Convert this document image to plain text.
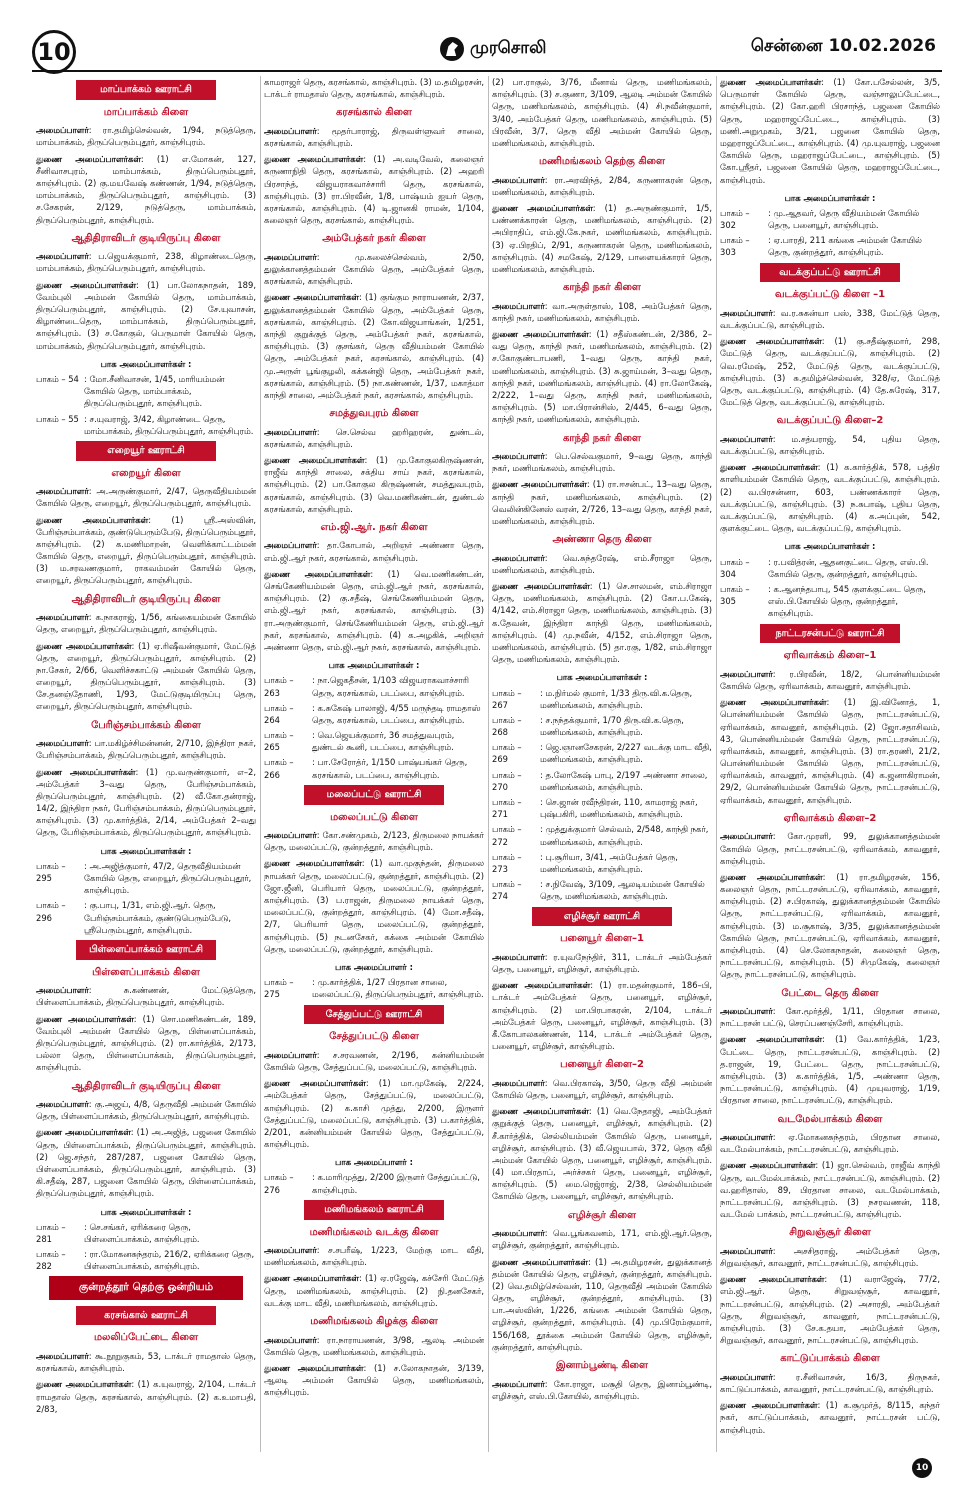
10	முரசொலி	சென்னை 10.02.2026
மாப்பாக்கம் ஊராட்சி
மாப்பாக்கம் கிளை

அமைப்பாளர்: ரா.தமிழ்செல்வன், 1/94, நடுத்தெரு, மாம்பாக்கம், திருப்பெரும்புதூர், காஞ்சிபுரம்.

துணை அமைப்பாளர்கள்: (1) எ.மோகன், 127, சீனிவாசபுரம், மாம்பாக்கம், திருப்பெரும்புதூர், காஞ்சிபுரம். (2) கு.மயவேஷ் கண்ணன், 1/94, நடுத்தெரு, மாம்பாக்கம், திருப்பெரும்புதூர், காஞ்சிபுரம். (3) ச.சேகரன், 2/129, நடுத்தெரு, மாம்பாக்கம், திருப்பெரும்புதூர், காஞ்சிபுரம்.

ஆதிதிராவிடர் குடியிருப்பு கிளை

அமைப்பாளர்: ப.ஜெயக்குமார், 238, கிழாண்டைதெரு, மாம்பாக்கம், திருப்பெரும்புதூர், காஞ்சிபுரம்.

துணை அமைப்பாளர்கள்: (1) பா.லோகநாதன், 189, வேம்புலி அம்மன் கோயில் தெரு, மாம்பாக்கம், திருப்பெரும்புதூர், காஞ்சிபுரம். (2) சே.யுவாசன், கிழாண்டைதெரு, மாம்பாக்கம், திருப்பெரும்புதூர், காஞ்சிபுரம். (3) ச.கோகுல், பெருமாள் கோயில் தெரு, மாம்பாக்கம், திருப்பெரும்புதூர், காஞ்சிபுரம்.

பாக அமைப்பாளர்கள் :
பாகம் – 54 : மோ.சீனிவாசன், 1/45, மாரியம்மன் கோயில் தெரு, மாம்பாக்கம், திருப்பெரும்புதூர், காஞ்சிபுரம்.
பாகம் – 55 : ச.யுவராஜ், 3/42, கிழாண்டை தெரு, மாம்பாக்கம், திருப்பெரும்புதூர், காஞ்சிபுரம்.
எறையூர் ஊராட்சி
எறையூர் கிளை

அமைப்பாளர்: அ.அருண்குமார், 2/47, தெருவீதியம்மன் கோயில் தெரு, எறையூர், திருப்பெரும்புதூர், காஞ்சிபுரம்.

துணை அமைப்பாளர்கள்: (1) ஸ்ரீ.அஸ்வின், பேரிஞ்சம்பாக்கம், குண்டுபெரும்பேடு, திருப்பெரும்புதூர், காஞ்சிபுரம். (2) க.மணிமாறன், வெளிக்காட்டம்மன் கோயில் தெரு, எறையூர், திருப்பெரும்புதூர், காஞ்சிபுரம். (3) ம.சரவணகுமார், ராகவம்மன் கோயில் தெரு, எறையூர், திருப்பெரும்புதூர், காஞ்சிபுரம்.

ஆதிதிராவிடர் குடியிருப்பு கிளை

அமைப்பாளர்: க.நாகராஜ், 1/56, கங்கையம்மன் கோயில் தெரு, எறையூர், திருப்பெரும்புதூர், காஞ்சிபுரம்.

துணை அமைப்பாளர்கள்: (1) ஏ.ரிஷீவன்குமார், மேட்டுத் தெரு, எறையூர், திருப்பெரும்புதூர், காஞ்சிபுரம். (2) நா.சேகர், 2/66, வெளிச்சகாட்டு அம்மன் கோயில் தெரு, எறையூர், திருப்பெரும்புதூர், காஞ்சிபுரம். (3) சே.தனஞ்தோணி, 1/93, மேட்டுகுடியிருப்பு தெரு, எறையூர், திருப்பெரும்புதூர், காஞ்சிபுரம்.

பேரிஞ்சம்பாக்கம் கிளை

அமைப்பாளர்: பா.மகிழ்ச்சிமன்னன், 2/710, இந்திரா நகர், பேரிஞ்சம்பாக்கம், திருப்பெரும்புதூர், காஞ்சிபுரம்.

துணை அமைப்பாளர்கள்: (1) மு.வருண்குமார், எ–2, அம்பேத்கர் 3–வது தெரு, பேரிஞ்சம்பாக்கம், திருப்பெரும்புதூர், காஞ்சிபுரம். (2) வீ.கோ.தன்ராஜ், 14/2, இந்திரா நகர், பேரிஞ்சம்பாக்கம், திருப்பெரும்புதூர், காஞ்சிபுரம். (3) மு.கார்த்திக், 2/14, அம்பேத்கர் 2–வது தெரு, பேரிஞ்சம்பாக்கம், திருப்பெரும்புதூர், காஞ்சிபுரம்.

பாக அமைப்பாளர்கள் :
பாகம் – 295
: அ.அஜித்குமார், 47/2, தெருவீதியம்மன் கோயில் தெரு, எறையூர், திருப்பெரும்புதூர், காஞ்சிபுரம்.
பாகம் – 296
: கு.பாபு, 1/31, எம்.ஜி.ஆர். தெரு, பேரிஞ்சம்பாக்கம், குண்டுபெரும்பேடு, ஸ்ரீபெரும்புதூர், காஞ்சிபுரம்.
பிள்ளைப்பாக்கம் ஊராட்சி
பிள்ளைப்பாக்கம் கிளை

அமைப்பாளர்: சு.கண்ணன், மேட்டுத்தெரு, பிள்ளைப்பாக்கம், திருப்பெரும்புதூர், காஞ்சிபுரம்.

துணை அமைப்பாளர்கள்: (1) சொ.மணிகண்டன், 189, வேம்புலி அம்மன் கோயில் தெரு, பிள்ளைப்பாக்கம், திருப்பெரும்புதூர், காஞ்சிபுரம். (2) ரா.கார்த்திக், 2/173, பல்லா தெரு, பிள்ளைப்பாக்கம், திருப்பெரும்புதூர், காஞ்சிபுரம்.

ஆதிதிராவிடர் குடியிருப்பு கிளை

அமைப்பாளர்: கு.அஜய், 4/8, தெருவீதி அம்மன் கோயில் தெரு, பிள்ளைப்பாக்கம், திருப்பெரும்புதூர், காஞ்சிபுரம்.

துணை அமைப்பாளர்கள்: (1) அ.அஜித், பஜனை கோயில் தெரு, பிள்ளைப்பாக்கம், திருப்பெரும்புதூர், காஞ்சிபுரம். (2) ஜெ.சந்தர், 287/287, பஜனை கோயில் தெரு, பிள்ளைப்பாக்கம், திருப்பெரும்புதூர், காஞ்சிபுரம். (3) கி.சதீஷ், 287, பஜனை கோயில் தெரு, பிள்ளைப்பாக்கம், திருப்பெரும்புதூர், காஞ்சிபுரம்.

பாக அமைப்பாளர்கள் :
பாகம் – 281
: செ.சங்கர், ஏரிக்கரை தெரு, பிள்ளைப்பாக்கம், காஞ்சிபுரம்.
பாகம் – 282
: ரா.மோகனசுந்தரம், 216/2, ஏரிக்கரை தெரு, பிள்ளைப்பாக்கம், காஞ்சிபுரம்.
குன்றத்தூர் தெற்கு ஒன்றியம்
கரசங்கால் ஊராட்சி
மலலிப்பேட்டை கிளை

அமைப்பாளர்: கூ.நூறுகுகம், 53, டாக்டர் ராமதாஸ் தெரு, கரசங்கால், காஞ்சிபுரம்.

துணை அமைப்பாளர்கள்: (1) க.யுவராஜ், 2/104, டாக்டர் ராமதாஸ் தெரு, கரசங்கால், காஞ்சிபுரம். (2) க.உமாபதி, 2/83,

காமராஜர் தெரு, கரசங்கால், காஞ்சிபுரம். (3) ம.தமிழரசன், டாக்டர் ராமதாஸ் தெரு, கரசங்கால், காஞ்சிபுரம்.

கரசங்கால் கிளை

அமைப்பாளர்: மூதர்பாராஜ், திருவள்ளுவர் சாலை, கரசங்கால், காஞ்சிபுரம்.

துணை அமைப்பாளர்கள்: (1) அ.வடிவேல், கலைஞர் கருணாநிதி தெரு, கரசங்கால், காஞ்சிபுரம். (2) அஹரி பிரசாந்த், விஜயராகவாச்சாரி தெரு, கரசங்கால், காஞ்சிபுரம். (3) ரா.பிரவீன், 1/8, பாஷ்யம் ஐயர் தெரு, கரசங்கால், காஞ்சிபுரம். (4) டி.ஜானகி ராமன், 1/104, கலைஞர் தெரு, கரசங்கால், காஞ்சிபுரம்.

அம்பேத்கர் நகர் கிளை

அமைப்பாளர்: மு.கலைச்செல்வம், 2/50, துலுக்கானத்தம்மன் கோயில் தெரு, அம்பேத்கர் தெரு, கரசங்கால், காஞ்சிபுரம்.

துணை அமைப்பாளர்கள்: (1) குங்கும நாராயணன், 2/37, துலுக்கானத்தம்மன் கோயில் தெரு, அம்பேத்கர் தெரு, கரசங்கால், காஞ்சிபுரம். (2) கோ.விஜயாங்கன், 1/251, காந்தி குறுக்குத் தெரு, அம்பேத்கர் நகர், கரசங்கால், காஞ்சிபுரம். (3) குசங்கர், தெரு வீதியம்மன் கோயில் தெரு, அம்பேத்கர் நகர், கரசங்கால், காஞ்சிபுரம். (4) மு.அருள் பூங்குழலி, கக்கன்ஜி தெரு, அம்பேத்கர் நகர், கரசங்கால், காஞ்சிபுரம். (5) நா.கண்ணன், 1/37, மகாத்மா காந்தி சாலை, அம்பேத்கர் நகர், கரசங்கால், காஞ்சிபுரம்.

சமத்துவபுரம் கிளை

அமைப்பாளர்: செ.செல்வ ஹரிஹரன், துண்டல், கரசங்கால், காஞ்சிபுரம்.

துணை அமைப்பாளர்கள்: (1) மு.கோகுலகிருஷ்ணன், ராஜீவ் காந்தி சாலை, சக்திய சாய் நகர், கரசங்கால், காஞ்சிபுரம். (2) பா.கோகுல கிருஷ்ணன், சமத்துவபுரம், கரசங்கால், காஞ்சிபுரம். (3) வெ.மணிகண்டன், துண்டல் கரசங்கால், காஞ்சிபுரம்.

எம்.ஜி.ஆர். நகர் கிளை

அமைப்பாளர்: தா.கோபால், அறிஞர் அண்ணா தெரு, எம்.ஜி.ஆர் நகர், கரசங்கால், காஞ்சிபுரம்.

துணை அமைப்பாளர்கள்: (1) வெ.மணிகண்டன், செங்கேணியம்மன் தெரு, எம்.ஜி.ஆர் நகர், கரசங்கால், காஞ்சிபுரம். (2) கு.சதீஷ், செங்கேணியம்மன் தெரு, எம்.ஜி.ஆர் நகர், கரசங்கால், காஞ்சிபுரம். (3) ரா.அருண்குமார், செங்கேணியம்மன் தெரு, எம்.ஜி.ஆர் நகர், கரசங்கால், காஞ்சிபுரம். (4) க.அழகிக், அறிஞர் அண்ணா தெரு, எம்.ஜி.ஆர் நகர், கரசங்கால், காஞ்சிபுரம்.

பாக அமைப்பாளர்கள் :
பாகம் – 263
: நா.ஜெகதீசன், 1/103 விஜயராகவாச்சாரி தெரு, கரசங்கால், படப்பை, காஞ்சிபுரம்.
பாகம் – 264
: க.சுகேஷ் பாலாஜி, 4/55 மருந்தடி ராமதாஸ் தெரு, கரசங்கால், படப்பை, காஞ்சிபுரம்.
பாகம் – 265
: வெ.ஜெயக்குமார், 36 சமத்துவபுரம், துண்டல் கூனி, படப்பை, காஞ்சிபுரம்.
பாகம் – 266
: பா.சேரோத்ர், 1/150 பாஷ்யங்கர் தெரு, கரசங்கால், படப்பை, காஞ்சிபுரம்.
மலைப்பட்டு ஊராட்சி
மலைப்பட்டு கிளை

அமைப்பாளர்: கோ.சண்முகம், 2/123, திருமலை நாயக்கர் தெரு, மலைப்பட்டு, குன்றத்தூர், காஞ்சிபுரம்.

துணை அமைப்பாளர்கள்: (1) வா.முகுந்தன், திருமலை நாயக்கர் தெரு, மலைப்பட்டு, குன்றத்தூர், காஞ்சிபுரம். (2) ஜோ.ஜீனி, பெரியார் தெரு, மலைப்பட்டு, குன்றத்தூர், காஞ்சிபுரம். (3) ப.ராஜன், திருமலை நாயக்கர் தெரு, மலைப்பட்டு, குன்றத்தூர், காஞ்சிபுரம். (4) மோ.சதீஷ், 2/7, பெரியார் தெரு, மலைப்பட்டு, குன்றத்தூர், காஞ்சிபுரம். (5) நடனசேகர், கக்கை அம்மன் கோயில் தெரு, மலைப்பட்டு, குன்றத்தூர், காஞ்சிபுரம்.

பாக அமைப்பாளர் :
பாகம் – 275
: மு.கார்த்திக், 1/27 பிரதான சாலை, மலைப்பட்டு, திருப்பெரும்புதூர், காஞ்சிபுரம்.
சேத்துப்பட்டு ஊராட்சி
சேத்துப்பட்டு கிளை

அமைப்பாளர்: ச.சரவணன், 2/196, கன்னியம்மன் கோயில் தெரு, சேத்துப்பட்டு, மலைப்பட்டு, காஞ்சிபுரம்.

துணை அமைப்பாளர்கள்: (1) மா.முகேஷ், 2/224, அம்பேத்கர் தெரு, சேத்துப்பட்டு, மலைப்பட்டு, காஞ்சிபுரம். (2) க.காசி முத்து, 2/200, இருளர் சேத்துப்பட்டு, மலைப்பட்டு, காஞ்சிபுரம். (3) ப.கார்த்திக், 2/201, கன்னியம்மன் கோயில் தெரு, சேத்துப்பட்டு, காஞ்சிபுரம்.

பாக அமைப்பாளர் :
பாகம் – 276
: க.மாரிமுத்து, 2/200 இருளர் சேத்துப்பட்டு, காஞ்சிபுரம்.
மணிமங்கலம் ஊராட்சி
மணிமங்கலம் வடக்கு கிளை

அமைப்பாளர்: ச.சபரீஷ், 1/223, மேற்கு மாட வீதி, மணிமங்கலம், காஞ்சிபுரம்.

துணை அமைப்பாளர்கள்: (1) ஏ.ரஜேஷ், கச்சேரி மேட்டுத் தெரு, மணிமங்கலம், காஞ்சிபுரம். (2) நி.தனசேகர், வடக்கு மாட வீதி, மணிமங்கலம், காஞ்சிபுரம்.

மணிமங்கலம் கிழக்கு கிளை

அமைப்பாளர்: ரா.நாராயணன், 3/98, ஆலடி அம்மன் கோயில் தெரு, மணிமங்கலம், காஞ்சிபுரம்.

துணை அமைப்பாளர்கள்: (1) ச.லோகநாதன், 3/139, ஆலடி அம்மன் கோயில் தெரு, மணிமங்கலம், காஞ்சிபுரம்.

(2) பா.ராகுல், 3/76, மீனாவ் தெரு, மணிமங்கலம், காஞ்சிபுரம். (3) ச.குணா, 3/109, ஆலடி அம்மன் கோயில் தெரு, மணிமங்கலம், காஞ்சிபுரம். (4) சி.நவீன்குமார், 3/40, அம்பேத்கர் தெரு, மணிமங்கலம், காஞ்சிபுரம். (5) பிரவீன், 3/7, தெரு வீதி அம்மன் கோயில் தெரு, மணிமங்கலம், காஞ்சிபுரம்.

மணிமங்கலம் தெற்கு கிளை

அமைப்பாளர்: ரா.அரவிந்த், 2/84, கருணாகரன் தெரு, மணிமங்கலம், காஞ்சிபுரம்.

துணை அமைப்பாளர்கள்: (1) த.அருண்குமார், 1/5, பண்ணக்காரன் தெரு, மணிமங்கலம், காஞ்சிபுரம். (2) அபிராதிப், எம்.ஜி.கே.நகர், மணிமங்கலம், காஞ்சிபுரம். (3) ஏ.பிரதிப், 2/91, கருணாகரன் தெரு, மணிமங்கலம், காஞ்சிபுரம். (4) சமகேஷ், 2/129, பாளையக்காரர் தெரு, மணிமங்கலம், காஞ்சிபுரம்.

காந்தி நகர் கிளை

அமைப்பாளர்: வா.அருள்தாஸ், 108, அம்பேத்கர் தெரு, காந்தி நகர், மணிமங்கலம், காஞ்சிபுரம்.

துணை அமைப்பாளர்கள்: (1) சதீஸ்கண்டன், 2/386, 2–வது தெரு, காந்தி நகர், மணிமங்கலம், காஞ்சிபுரம். (2) ச.கோகுண்டாபணி, 1–வது தெரு, காந்தி நகர், மணிமங்கலம், காஞ்சிபுரம். (3) சு.ஜாய்மன், 3–வது தெரு, காந்தி நகர், மணிமங்கலம், காஞ்சிபுரம். (4) ரா.லோகேஷ், 2/222, 1–வது தெரு, காந்தி நகர், மணிமங்கலம், காஞ்சிபுரம். (5) மா.பிரான்சிஸ், 2/445, 6–வது தெரு, காந்தி நகர், மணிமங்கலம், காஞ்சிபுரம்.

காந்தி நகர் கிளை

அமைப்பாளர்: பெ.செல்வகுமார், 9–வது தெரு, காந்தி நகர், மணிமங்கலம், காஞ்சிபுரம்.

துணை அமைப்பாளர்கள்: (1) ரா.ஈசன்பட், 13–வது தெரு, காந்தி நகர், மணிமங்கலம், காஞ்சிபுரம். (2) வெலின்கினேஸ் வரன், 2/726, 13–வது தெரு, காந்தி நகர், மணிமங்கலம், காஞ்சிபுரம்.

அண்ணா தெரு கிளை

அமைப்பாளர்: வெ.சுந்தரேஷ், எம்.சீராஜா தெரு, மணிமங்கலம், காஞ்சிபுரம்.

துணை அமைப்பாளர்கள்: (1) செ.சாலமன், எம்.சிராஜா தெரு, மணிமங்கலம், காஞ்சிபுரம். (2) கோ.ப.கேஷ், 4/142, எம்.சிராஜா தெரு, மணிமங்கலம், காஞ்சிபுரம். (3) க.தேவன், இந்திரா காந்தி தெரு, மணிமங்கலம், காஞ்சிபுரம். (4) மு.நவீன், 4/152, எம்.சிராஜா தெரு, மணிமங்கலம், காஞ்சிபுரம். (5) தா.ரகு, 1/82, எம்.சிராஜா தெரு, மணிமங்கலம், காஞ்சிபுரம்.

பாக அமைப்பாளர்கள் :
பாகம் – 267
: ம.நிர்மல் குமார், 1/33 திரு.வி.க.தெரு, மணிமங்கலம், காஞ்சிபுரம்.
பாகம் – 268
: ச.நந்தக்குமார், 1/70 திரு.வி.க.தெரு, மணிமங்கலம், காஞ்சிபுரம்.
பாகம் – 269
: ஜெ.ஞானசேகரன், 2/227 வடக்கு மாட வீதி, மணிமங்கலம், காஞ்சிபுரம்.
பாகம் – 270
: த.லோகேஷ் பாபு, 2/197 அண்ணா சாலை, மணிமங்கலம், காஞ்சிபுரம்.
பாகம் – 271
: செ.ஜான் ரவீந்திரன், 110, காமராஜ் நகர், புஷ்பகிரி, மணிமங்கலம், காஞ்சிபுரம்.
பாகம் – 272
: முத்துக்குமார் செல்வம், 2/548, காந்தி நகர், மணிமங்கலம், காஞ்சிபுரம்.
பாகம் – 273
: பு.சூரியா, 3/41, அம்பேத்கர் தெரு, மணிமங்கலம், காஞ்சிபுரம்.
பாகம் – 274
: ச.நிவேஷ், 3/109, ஆலடியம்மன் கோயில் தெரு, மணிமங்கலம், காஞ்சிபுரம்.
எழிச்சூர் ஊராட்சி
பனையூர் கிளை–1

அமைப்பாளர்: ர.யுவநேந்திர், 311, டாக்டர் அம்பேத்கர் தெரு, பனையூர், எழிச்சூர், காஞ்சிபுரம்.

துணை அமைப்பாளர்கள்: (1) ரா.மதன்குமார், 186–பி, டாக்டர் அம்பேத்கர் தெரு, பனையூர், எழிச்சூர், காஞ்சிபுரம். (2) மா.பிரபாகரன், 2/104, டாக்டர் அம்பேத்கர் தெரு, பனையூர், எழிச்சூர், காஞ்சிபுரம். (3) கீ.கோபாலகண்ணன், 114, டாக்டர் அம்பேத்கர் தெரு, பனையூர், எழிச்சூர், காஞ்சிபுரம்.

பனையூர் கிளை–2

அமைப்பாளர்: வெ.பிரகாஷ், 3/50, தெரு வீதி அம்மன் கோயில் தெரு, பனையூர், எழிச்சூர், காஞ்சிபுரம்.

துணை அமைப்பாளர்கள்: (1) வெ.நேதாஜி, அம்பேத்கர் குறுக்குத் தெரு, பனையூர், எழிச்சூர், காஞ்சிபுரம். (2) சீ.கார்த்திக், செல்லியம்மன் கோயில் தெரு, பனையூர், எழிச்சூர், காஞ்சிபுரம். (3) வீ.ஜெயபால், 372, தெரு வீதி அம்மன் கோயில் தெரு, பனையூர், எழிச்சூர், காஞ்சிபுரம். (4) மா.பிரதாப், அர்ச்சகர் தெரு, பனையூர், எழிச்சூர், காஞ்சிபுரம். (5) மை.ரெஜ்ராஜ், 2/38, செல்லியம்மன் கோயில் தெரு, பனையூர், எழிச்சூர், காஞ்சிபுரம்.

எழிச்சூர் கிளை

அமைப்பாளர்: வெ.பூங்கவனம், 171, எம்.ஜி.ஆர்.தெரு, எழிச்சூர், குன்றத்தூர், காஞ்சிபுரம்.

துணை அமைப்பாளர்கள்: (1) அ.தமிழரசன், துலுக்கானத் தம்மன் கோயில் தெரு, எழிச்சூர், குன்றத்தூர், காஞ்சிபுரம். (2) வெ.தமிழ்செல்வன், 110, தெருவீதி அம்மன் கோயில் தெரு, எழிச்சூர், குன்றத்தூர், காஞ்சிபுரம். (3) பா.அஸ்வின், 1/226, கங்கை அம்மன் கோயில் தெரு, எழிச்சூர், குன்றத்தூர், காஞ்சிபுரம். (4) மு.பிரேம்குமார், 156/168, தூக்கை அம்மன் கோயில் தெரு, எழிச்சூர், குன்றத்தூர், காஞ்சிபுரம்.

இனாம்பூண்டி கிளை

அமைப்பாளர்: கோ.ராஜா, மசூதி தெரு, இனாம்பூண்டி, எழிச்சூர், எஸ்.பி.கோயில், காஞ்சிபுரம்.

துணை அமைப்பாளர்கள்: (1) கோ.பசேல்லன், 3/5, பெருமாள் கோயில் தெரு, வஞ்சாலுப்பேட்டை, காஞ்சிபுரம். (2) கோ.ஹரி பிரசாந்த், பஜனை கோயில் தெரு, மஹராஜப்பேட்டை, காஞ்சிபுரம். (3) மணி.அறுமுகம், 3/21, பஜனை கோயில் தெரு, மஹராஜப்பேட்டை, காஞ்சிபுரம். (4) மு.யுவராஜ், பஜனை கோயில் தெரு, மஹராஜப்பேட்டை, காஞ்சிபுரம். (5) கோ.ஸ்ரீதர், பஜனை கோயில் தெரு, மஹராஜப்பேட்டை, காஞ்சிபுரம்.

பாக அமைப்பாளர்கள் :
பாகம் – 302
: மு.ஆதவர், தெரு வீதியம்மன் கோயில் தெரு, பனையூர், காஞ்சிபுரம்.
பாகம் – 303
: ஏ.பாரதி, 211 கங்கை அம்மன் கோயில் தெரு, குன்றத்தூர், காஞ்சிபுரம்.
வடக்குப்பட்டு ஊராட்சி
வடக்குப்பட்டு கிளை –1

அமைப்பாளர்: வ.ர.சுகன்யா பஸ், 338, மேட்டுத் தெரு, வடக்குப்பட்டு, காஞ்சிபுரம்.

துணை அமைப்பாளர்கள்: (1) கு.சதீஷ்குமார், 298, மேட்டுத் தெரு, வடக்குப்பட்டு, காஞ்சிபுரம். (2) வெ.ரமேஷ், 252, மேட்டுத் தெரு, வடக்குப்பட்டு, காஞ்சிபுரம். (3) சு.தமிழ்ச்செல்வன், 328/ஏ, மேட்டுத் தெரு, வடக்குப்பட்டு, காஞ்சிபுரம். (4) தே.சுரேஷ், 317, மேட்டுத் தெரு, வடக்குப்பட்டு, காஞ்சிபுரம்.

வடக்குப்பட்டு கிளை–2

அமைப்பாளர்: ம.சத்யராஜ், 54, புதிய தெரு, வடக்குப்பட்டு, காஞ்சிபுரம்.

துணை அமைப்பாளர்கள்: (1) க.கார்த்திக், 578, பத்திர காளியம்மன் கோயில் தெரு, வடக்குப்பட்டு, காஞ்சிபுரம். (2) வ.பிரசன்னா, 603, பண்ணக்காரர் தெரு, வடக்குப்பட்டு, காஞ்சிபுரம். (3) ந.சுபாஷ், புதிய தெரு, வடக்குப்பட்டு, காஞ்சிபுரம். (4) க.அப்புன், 542, குளக்குட்டை தெரு, வடக்குப்பட்டு, காஞ்சிபுரம்.

பாக அமைப்பாளர்கள் :
பாகம் – 304
: ர.பவித்ரன், ஆதனகுட்டை தெரு, எஸ்.பி. கோயில் தெரு, குன்றத்தூர், காஞ்சிபுரம்.
பாகம் – 305
: க.ஆனந்தபாபு, 545 குளக்குட்டை தெரு, எஸ்.பி.கோயில் தெரு, குன்றத்தூர், காஞ்சிபுரம்.
நாட்டரசன்பட்டு ஊராட்சி
ஏரிவாக்கம் கிளை–1

அமைப்பாளர்: ர.பிரவீன், 18/2, பொன்னியம்மன் கோயில் தெரு, ஏரிவாக்கம், காவனூர், காஞ்சிபுரம்.

துணை அமைப்பாளர்கள்: (1) இ.வினோத், 1, பொன்னியம்மன் கோயில் தெரு, நாட்டரசன்பட்டு, ஏரிவாக்கம், காவனூர், காஞ்சிபுரம். (2) ஜோ.சதாசிவம், 43, பொன்னியம்மன் கோயில் தெரு, நாட்டரசன்பட்டு, ஏரிவாக்கம், காவனூர், காஞ்சிபுரம். (3) ரா.தரணி, 21/2, பொன்னியம்மன் கோயில் தெரு, நாட்டரசன்பட்டு, ஏரிவாக்கம், காவனூர், காஞ்சிபுரம். (4) க.ஜனாகிராமன், 29/2, பொன்னியம்மன் கோயில் தெரு, நாட்டரசன்பட்டு, ஏரிவாக்கம், காவனூர், காஞ்சிபுரம்.

ஏரிவாக்கம் கிளை–2

அமைப்பாளர்: கோ.முரளி, 99, துலுக்கானத்தம்மன் கோயில் தெரு, நாட்டரசன்பட்டு, ஏரிவாக்கம், காவனூர், காஞ்சிபுரம்.

துணை அமைப்பாளர்கள்: (1) ரா.தமிழரசன், 156, கலைஞர் தெரு, நாட்டரசன்பட்டு, ஏரிவாக்கம், காவனூர், காஞ்சிபுரம். (2) ச.பிரகாஷ், துலுக்கானத்தம்மன் கோயில் தெரு, நாட்டரசன்பட்டு, ஏரிவாக்கம், காவனூர், காஞ்சிபுரம். (3) ம.சூகாஷ், 3/35, துலுக்கானத்தம்மன் கோயில் தெரு, நாட்டரசன்பட்டு, ஏரிவாக்கம், காவனூர், காஞ்சிபுரம். (4) செ.லோகநாதன், கலைஞர் தெரு, நாட்டரசன்பட்டு, காஞ்சிபுரம். (5) சிமுகேஷ், கலைஞர் தெரு, நாட்டரசன்பட்டு, காஞ்சிபுரம்.

பேட்டை தெரு கிளை

அமைப்பாளர்: கோ.மூர்த்தி, 1/11, பிரதான சாலை, நாட்டரசன் பட்டு, செரப்பணஞ்சேரி, காஞ்சிபுரம்.

துணை அமைப்பாளர்கள்: (1) வே.கார்த்திக், 1/23, பேட்டை தெரு, நாட்டரசன்பட்டு, காஞ்சிபுரம். (2) த.ராஜன், 19, பேட்டை தெரு, நாட்டரசன்பட்டு, காஞ்சிபுரம். (3) க.கார்த்திக், 1/5, அண்ணா தெரு, நாட்டரசன்பட்டு, காஞ்சிபுரம். (4) முயுவராஜ், 1/19, பிரதான சாலை, நாட்டரசன்பட்டு, காஞ்சிபுரம்.

வடமேல்பாக்கம் கிளை

அமைப்பாளர்: ஏ.மோகனசுந்தரம், பிரதான சாலை, வடமேல்பாக்கம், நாட்டரசன்பட்டு, காஞ்சிபுரம்.

துணை அமைப்பாளர்கள்: (1) ஜா.செல்வம், ராஜீவ் காந்தி தெரு, வடமேல்பாக்கம், நாட்டரசன்பட்டு, காஞ்சிபுரம். (2) வ.ஹரிதாஸ், 89, பிரதான சாலை, வடமேல்பாக்கம், நாட்டரசன்பட்டு, காஞ்சிபுரம். (3) நசரவணன், 118, வடமேல் பாக்கம், நாட்டரசன்பட்டு, காஞ்சிபுரம்.

சிறுவஞ்சூர் கிளை

அமைப்பாளர்: அசசிதராஜ், அம்பேத்கர் தெரு, சிறுவஞ்சூர், காவனூர், நாட்டரசன்பட்டு, காஞ்சிபுரம்.

துணை அமைப்பாளர்கள்: (1) வராஜேஷ், 77/2, எம்.ஜி.ஆர். தெரு, சிறுவஞ்சூர், காவனூர், நாட்டரசன்பட்டு, காஞ்சிபுரம். (2) அசாரதி, அம்பேத்கர் தெரு, சிறுவஞ்சூர், காவனூர், நாட்டரசன்பட்டு, காஞ்சிபுரம். (3) சே.க.தயா, அம்பேத்கர் தெரு, சிறுவஞ்சூர், காவனூர், நாட்டரசன்பட்டு, காஞ்சிபுரம்.

காட்டுப்பாக்கம் கிளை

அமைப்பாளர்: ர.சீனிவாசன், 16/3, திருநகர், காட்டுப்பாக்கம், காவனூர், நாட்டரசன்பட்டு, காஞ்சிபுரம்.

துணை அமைப்பாளர்கள்: (1) க.சூமுர்த், 8/115, கந்தர் நகர், காட்டுப்பாக்கம், காவனூர், நாட்டரசன் பட்டு, காஞ்சிபுரம்.

10
